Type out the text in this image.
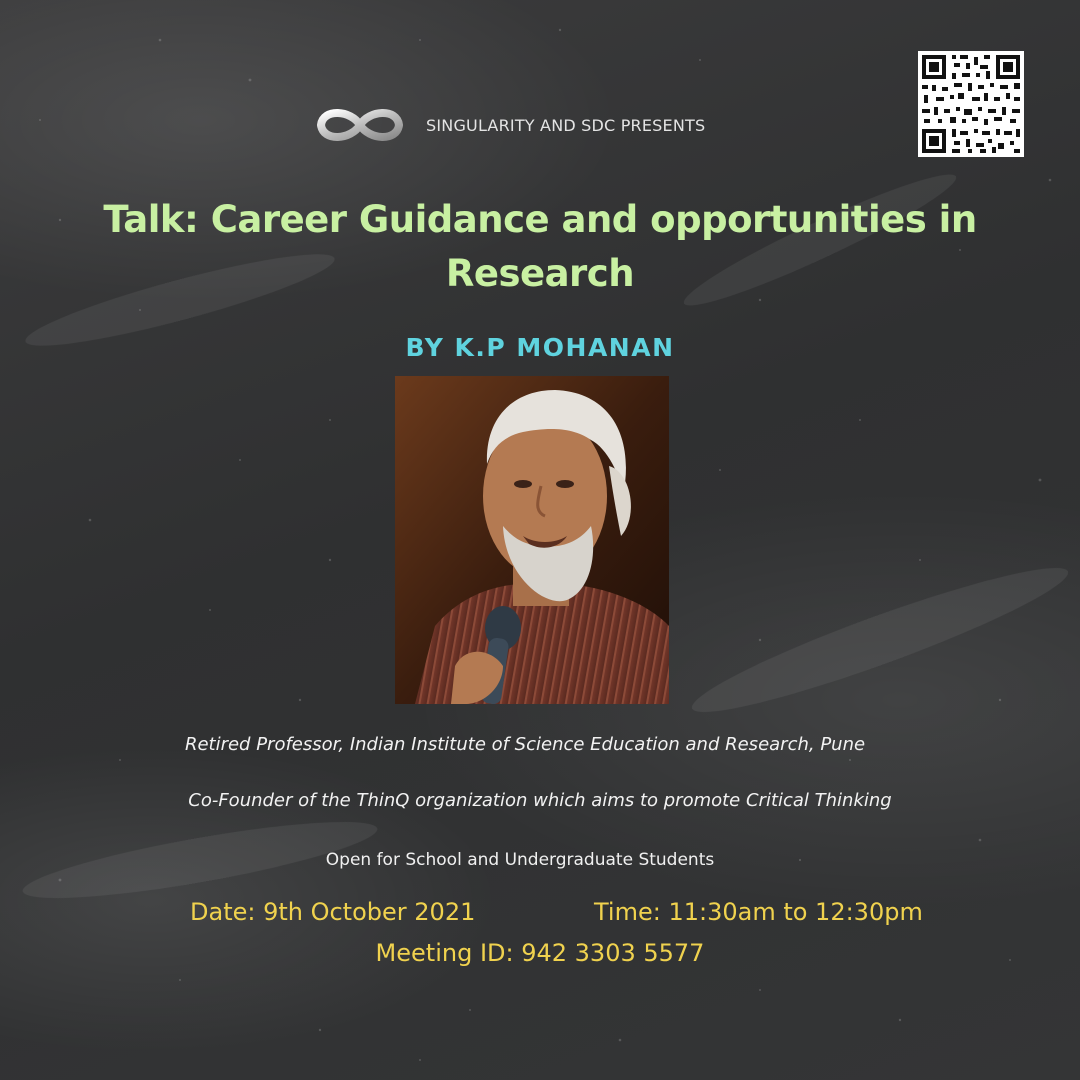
SINGULARITY AND SDC PRESENTS
Talk: Career Guidance and opportunities in
Research
BY K.P MOHANAN
Retired Professor, Indian Institute of Science Education and Research, Pune
Co-Founder of the ThinQ organization which aims to promote Critical Thinking
Open for School and Undergraduate Students
Date: 9th October 2021	Time: 11:30am to 12:30pm
Meeting ID: 942 3303 5577
